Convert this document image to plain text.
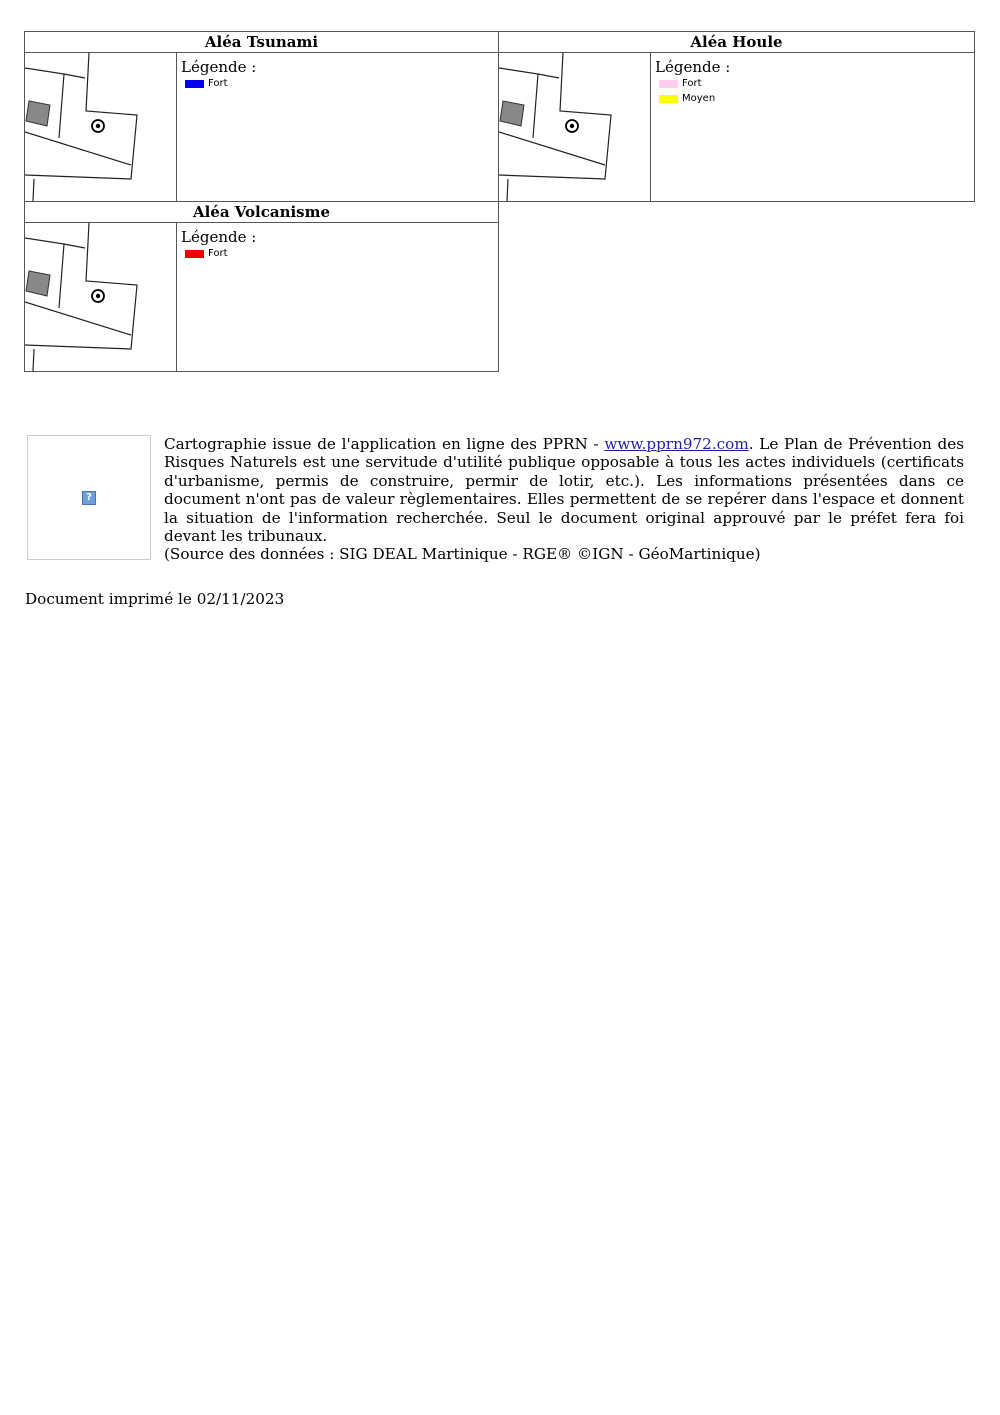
Aléa Tsunami
Légende :
Fort
Aléa Houle
Légende :
Fort
Moyen
Aléa Volcanisme
Légende :
Fort
?
Cartographie issue de l'application en ligne des PPRN - www.pprn972.com. Le Plan de Prévention des Risques Naturels est une servitude d'utilité publique opposable à tous les actes individuels (certificats d'urbanisme, permis de construire, permir de lotir, etc.). Les informations présentées dans ce document n'ont pas de valeur règlementaires. Elles permettent de se repérer dans l'espace et donnent la situation de l'information recherchée. Seul le document original approuvé par le préfet fera foi devant les tribunaux.
(Source des données : SIG DEAL Martinique - RGE® ©IGN - GéoMartinique)
Document imprimé le 02/11/2023
